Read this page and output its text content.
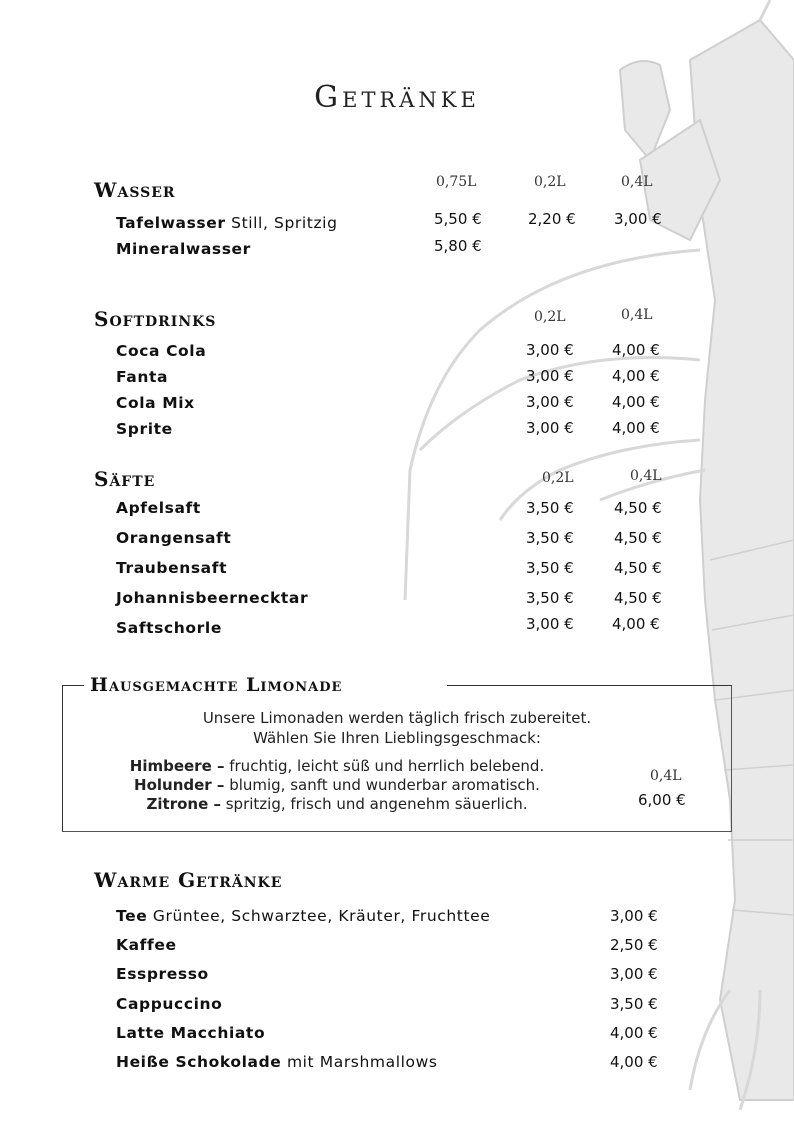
Getränke
Wasser	0,75L	0,2L	0,4L
Tafelwasser Still, Spritzig	5,50 €	2,20 €	3,00 €
Mineralwasser	5,80 €
Softdrinks	0,2L	0,4L
Coca Cola	3,00 €	4,00 €
Fanta	3,00 €	4,00 €
Cola Mix	3,00 €	4,00 €
Sprite	3,00 €	4,00 €
Säfte	0,2L	0,4L
Apfelsaft	3,50 €	4,50 €
Orangensaft	3,50 €	4,50 €
Traubensaft	3,50 €	4,50 €
Johannisbeernecktar	3,50 €	4,50 €
Saftschorle	3,00 €	4,00 €
Hausgemachte Limonade
Unsere Limonaden werden täglich frisch zubereitet.
Wählen Sie Ihren Lieblingsgeschmack:
Himbeere – fruchtig, leicht süß und herrlich belebend.
Holunder – blumig, sanft und wunderbar aromatisch.
Zitrone – spritzig, frisch und angenehm säuerlich.
0,4L
6,00 €
Warme Getränke
Tee Grüntee, Schwarztee, Kräuter, Fruchttee	3,00 €
Kaffee	2,50 €
Esspresso	3,00 €
Cappuccino	3,50 €
Latte Macchiato	4,00 €
Heiße Schokolade mit Marshmallows	4,00 €
